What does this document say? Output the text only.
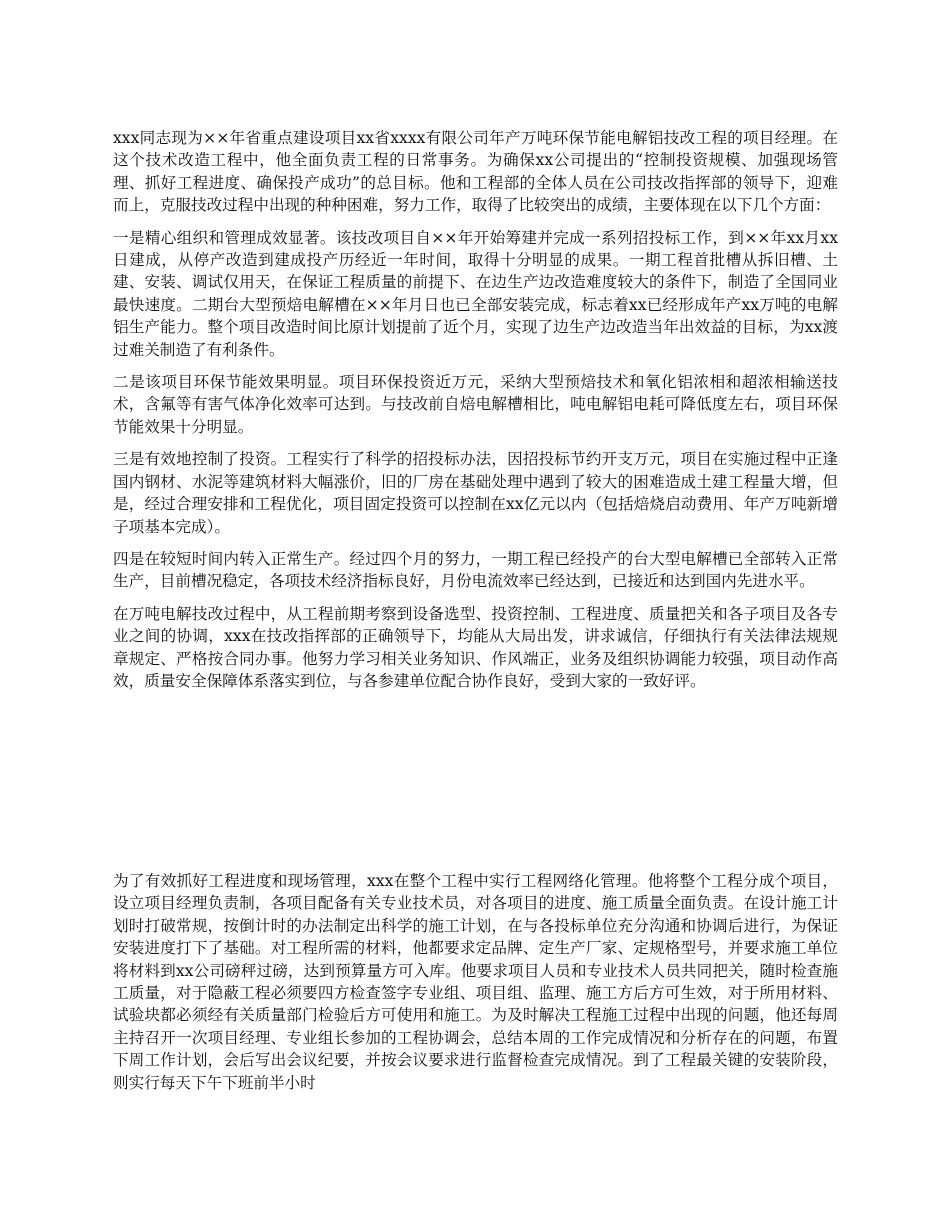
xxx同志现为××年省重点建设项目xx省xxxx有限公司年产万吨环保节能电解铝技改工程的项目经理。在这个技术改造工程中，他全面负责工程的日常事务。为确保xx公司提出的“控制投资规模、加强现场管理、抓好工程进度、确保投产成功”的总目标。他和工程部的全体人员在公司技改指挥部的领导下，迎难而上，克服技改过程中出现的种种困难，努力工作，取得了比较突出的成绩，主要体现在以下几个方面：

一是精心组织和管理成效显著。该技改项目自××年开始筹建并完成一系列招投标工作，到××年xx月xx日建成，从停产改造到建成投产历经近一年时间，取得十分明显的成果。一期工程首批槽从拆旧槽、土建、安装、调试仅用天，在保证工程质量的前提下、在边生产边改造难度较大的条件下，制造了全国同业最快速度。二期台大型预焙电解槽在××年月日也已全部安装完成，标志着xx已经形成年产xx万吨的电解铝生产能力。整个项目改造时间比原计划提前了近个月，实现了边生产边改造当年出效益的目标，为xx渡过难关制造了有利条件。

二是该项目环保节能效果明显。项目环保投资近万元，采纳大型预焙技术和氧化铝浓相和超浓相输送技术，含氟等有害气体净化效率可达到。与技改前自焙电解槽相比，吨电解铝电耗可降低度左右，项目环保节能效果十分明显。

三是有效地控制了投资。工程实行了科学的招投标办法，因招投标节约开支万元，项目在实施过程中正逢国内钢材、水泥等建筑材料大幅涨价，旧的厂房在基础处理中遇到了较大的困难造成土建工程量大增，但是，经过合理安排和工程优化，项目固定投资可以控制在xx亿元以内（包括焙烧启动费用、年产万吨新增子项基本完成）。

四是在较短时间内转入正常生产。经过四个月的努力，一期工程已经投产的台大型电解槽已全部转入正常生产，目前槽况稳定，各项技术经济指标良好，月份电流效率已经达到，已接近和达到国内先进水平。

在万吨电解技改过程中，从工程前期考察到设备选型、投资控制、工程进度、质量把关和各子项目及各专业之间的协调，xxx在技改指挥部的正确领导下，均能从大局出发，讲求诚信，仔细执行有关法律法规规章规定、严格按合同办事。他努力学习相关业务知识、作风端正，业务及组织协调能力较强，项目动作高效，质量安全保障体系落实到位，与各参建单位配合协作良好，受到大家的一致好评。

为了有效抓好工程进度和现场管理，xxx在整个工程中实行工程网络化管理。他将整个工程分成个项目，设立项目经理负责制，各项目配备有关专业技术员，对各项目的进度、施工质量全面负责。在设计施工计划时打破常规，按倒计时的办法制定出科学的施工计划，在与各投标单位充分沟通和协调后进行，为保证安装进度打下了基础。对工程所需的材料，他都要求定品牌、定生产厂家、定规格型号，并要求施工单位将材料到xx公司磅秤过磅，达到预算量方可入库。他要求项目人员和专业技术人员共同把关，随时检查施工质量，对于隐蔽工程必须要四方检查签字专业组、项目组、监理、施工方后方可生效，对于所用材料、试验块都必须经有关质量部门检验后方可使用和施工。为及时解决工程施工过程中出现的问题，他还每周主持召开一次项目经理、专业组长参加的工程协调会，总结本周的工作完成情况和分析存在的问题，布置下周工作计划，会后写出会议纪要，并按会议要求进行监督检查完成情况。到了工程最关键的安装阶段，则实行每天下午下班前半小时
